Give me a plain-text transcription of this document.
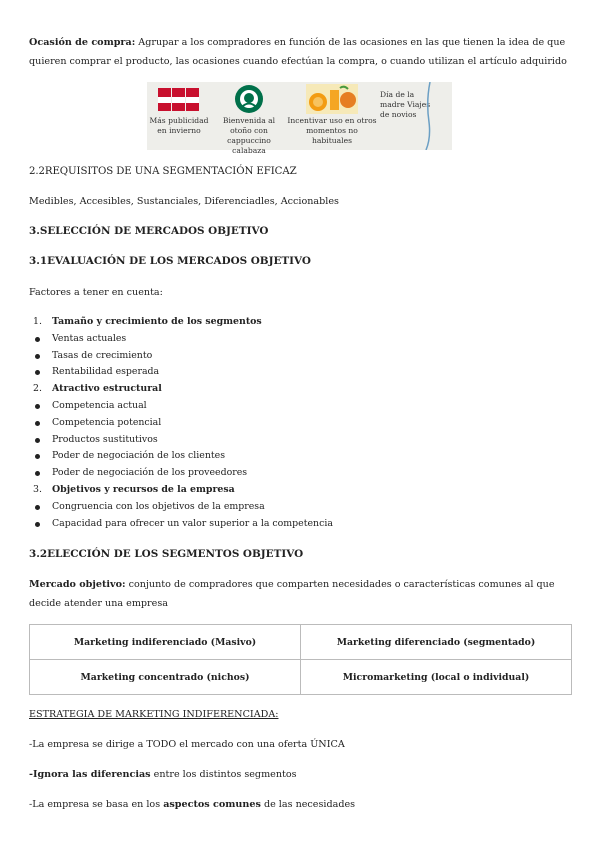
Ocasión de compra: Agrupar a los compradores en función de las ocasiones en las que tienen la idea de que quieren comprar el producto, las ocasiones cuando efectúan la compra, o cuando utilizan el artículo adquirido

Más publicidad en invierno
Bienvenida al otoño con cappuccino calabaza
Incentivar uso en otros momentos no habituales
Día de la madre Viajes de novios
2.2REQUISITOS DE UNA SEGMENTACIÓN EFICAZ

Medibles, Accesibles, Sustanciales, Diferenciadles, Accionables

3.SELECCIÓN DE MERCADOS OBJETIVO
3.1EVALUACIÓN DE LOS MERCADOS OBJETIVO

Factores a tener en cuenta:

1. Tamaño y crecimiento de los segmentos
Ventas actuales
Tasas de crecimiento
Rentabilidad esperada
2. Atractivo estructural
Competencia actual
Competencia potencial
Productos sustitutivos
Poder de negociación de los clientes
Poder de negociación de los proveedores
3. Objetivos y recursos de la empresa
Congruencia con los objetivos de la empresa
Capacidad para ofrecer un valor superior a la competencia
3.2ELECCIÓN DE LOS SEGMENTOS OBJETIVO

Mercado objetivo: conjunto de compradores que comparten necesidades o características comunes al que decide atender una empresa

Marketing indiferenciado (Masivo)	Marketing diferenciado (segmentado)
Marketing concentrado (nichos)	Micromarketing (local o individual)

ESTRATEGIA DE MARKETING INDIFERENCIADA:

-La empresa se dirige a TODO el mercado con una oferta ÚNICA

-Ignora las diferencias entre los distintos segmentos

-La empresa se basa en los aspectos comunes de las necesidades
